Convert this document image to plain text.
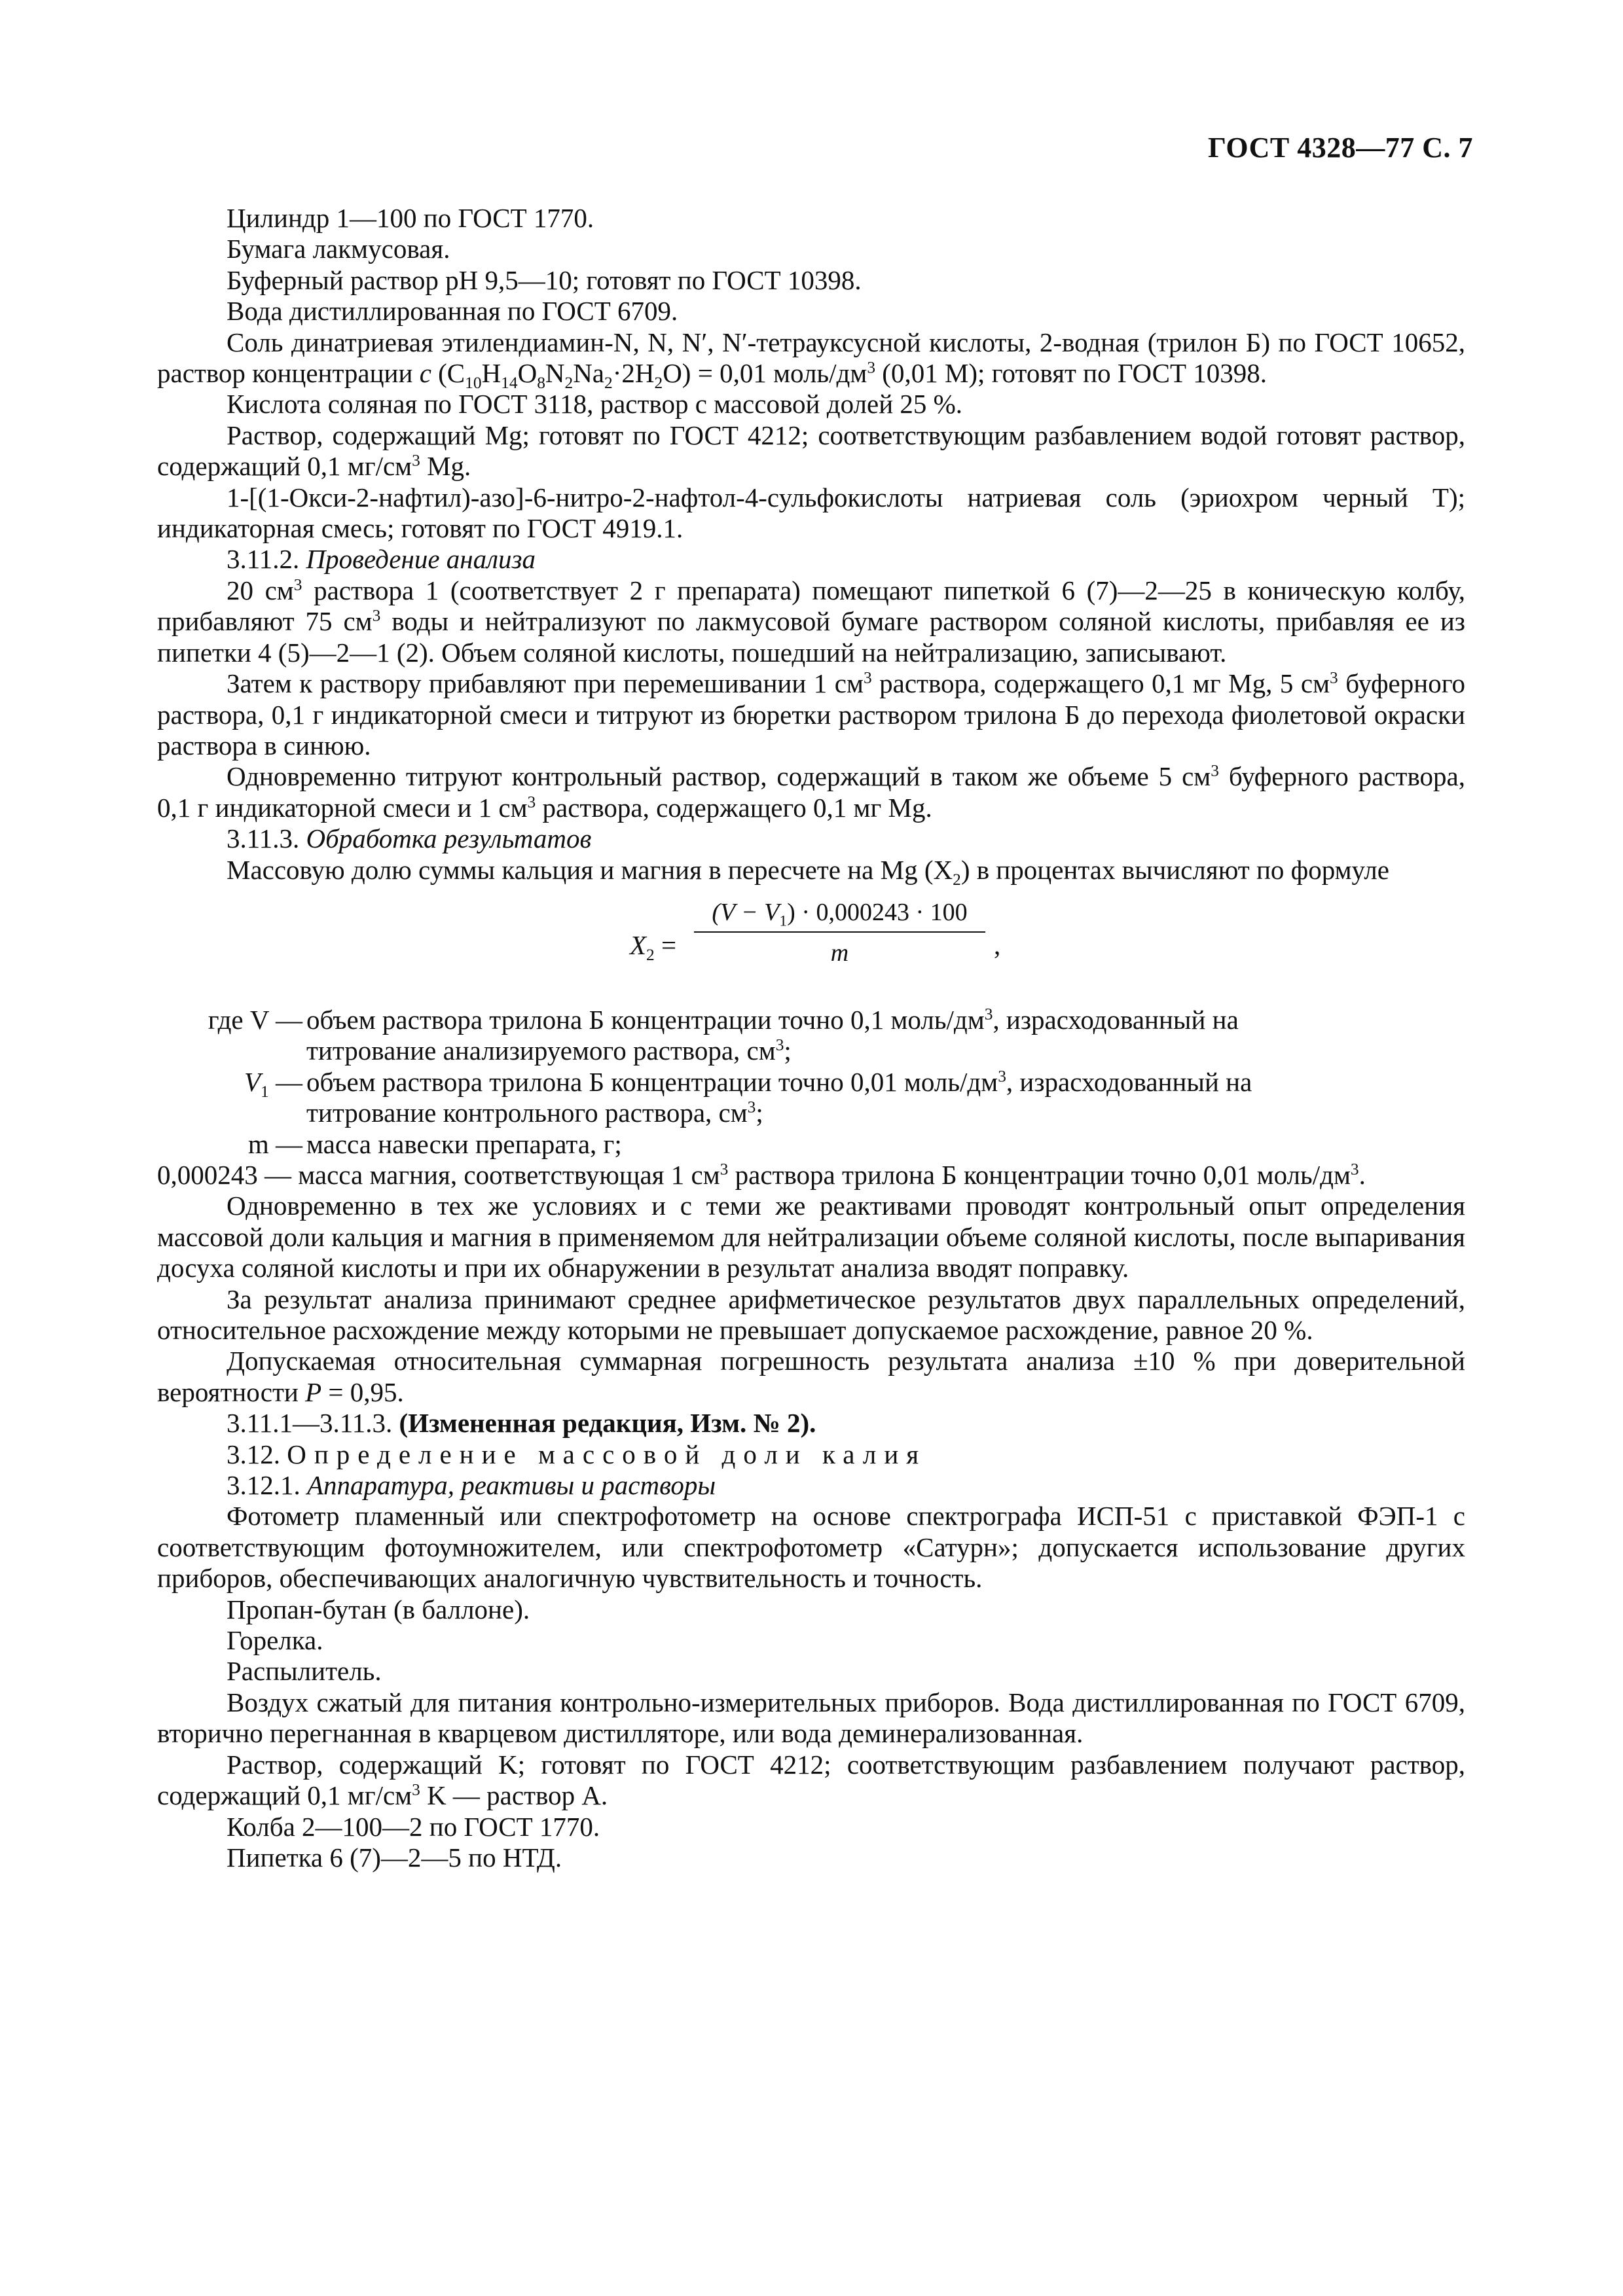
ГОСТ 4328—77 С. 7

Цилиндр 1—100 по ГОСТ 1770.

Бумага лакмусовая.

Буферный раствор pH 9,5—10; готовят по ГОСТ 10398.

Вода дистиллированная по ГОСТ 6709.

Соль динатриевая этилендиамин-N, N, N′, N′-тетрауксусной кислоты, 2-водная (трилон Б) по ГОСТ 10652, раствор концентрации c $(C_{10}H_{14}O_8N_2Na_2\cdot 2H_2O) = 0,01$ моль/$дм^3$ (0,01 М); готовят по ГОСТ 10398.

Кислота соляная по ГОСТ 3118, раствор с массовой долей 25 %.

Раствор, содержащий Mg; готовят по ГОСТ 4212; соответствующим разбавлением водой готовят раствор, содержащий 0,1 $мг/см^3$ Mg.

1-[(1-Окси-2-нафтил)-азо]-6-нитро-2-нафтол-4-сульфокислоты натриевая соль (эриохром черный Т); индикаторная смесь; готовят по ГОСТ 4919.1.

3.11.2. Проведение анализа

20 $см^3$ раствора 1 (соответствует 2 г препарата) помещают пипеткой 6 (7)—2—25 в коническую колбу, прибавляют 75 $см^3$ воды и нейтрализуют по лакмусовой бумаге раствором соляной кислоты, прибавляя ее из пипетки 4 (5)—2—1 (2). Объем соляной кислоты, пошедший на нейтрализацию, записывают.

Затем к раствору прибавляют при перемешивании 1 $см^3$ раствора, содержащего 0,1 мг Mg, 5 $см^3$ буферного раствора, 0,1 г индикаторной смеси и титруют из бюретки раствором трилона Б до перехода фиолетовой окраски раствора в синюю.

Одновременно титруют контрольный раствор, содержащий в таком же объеме 5 $см^3$ буферного раствора, 0,1 г индикаторной смеси и 1 $см^3$ раствора, содержащего 0,1 мг Mg.

3.11.3. Обработка результатов

Массовую долю суммы кальция и магния в пересчете на Mg $(X_2)$ в процентах вычисляют по формуле

$X_2$ =
$(V - V_1) \cdot 0,000243 \cdot 100$
m	,
где V — объем раствора трилона Б концентрации точно 0,1 моль/$дм^3$, израсходованный на
титрование анализируемого раствора, $см^3$;
$V_1$ — объем раствора трилона Б концентрации точно 0,01 моль/$дм^3$, израсходованный на
титрование контрольного раствора, $см^3$;
m — масса навески препарата, г;
0,000243 — масса магния, соответствующая 1 $см^3$ раствора трилона Б концентрации точно 0,01 моль/$дм^3$.

Одновременно в тех же условиях и с теми же реактивами проводят контрольный опыт определения массовой доли кальция и магния в применяемом для нейтрализации объеме соляной кислоты, после выпаривания досуха соляной кислоты и при их обнаружении в результат анализа вводят поправку.

За результат анализа принимают среднее арифметическое результатов двух параллельных определений, относительное расхождение между которыми не превышает допускаемое расхождение, равное 20 %.

Допускаемая относительная суммарная погрешность результата анализа ±10 % при доверительной вероятности P = 0,95.

3.11.1—3.11.3. (Измененная редакция, Изм. № 2).

3.12. Определение массовой доли калия

3.12.1. Аппаратура, реактивы и растворы

Фотометр пламенный или спектрофотометр на основе спектрографа ИСП-51 с приставкой ФЭП-1 с соответствующим фотоумножителем, или спектрофотометр «Сатурн»; допускается использование других приборов, обеспечивающих аналогичную чувствительность и точность.

Пропан-бутан (в баллоне).

Горелка.

Распылитель.

Воздух сжатый для питания контрольно-измерительных приборов. Вода дистиллированная по ГОСТ 6709, вторично перегнанная в кварцевом дистилляторе, или вода деминерализованная.

Раствор, содержащий K; готовят по ГОСТ 4212; соответствующим разбавлением получают раствор, содержащий 0,1 $мг/см^3$ K — раствор А.

Колба 2—100—2 по ГОСТ 1770.

Пипетка 6 (7)—2—5 по НТД.
